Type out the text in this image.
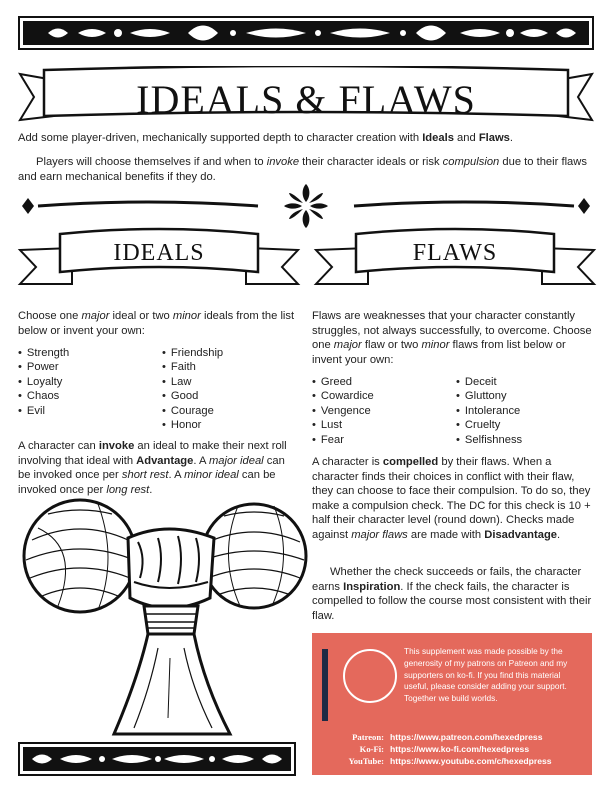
IDEALS & FLAWS

Add some player-driven, mechanically supported depth to character creation with Ideals and Flaws.

Players will choose themselves if and when to invoke their character ideals or risk compulsion due to their flaws and earn mechanical benefits if they do.

IDEALS	FLAWS

Choose one major ideal or two minor ideals from the list below or invent your own:

• Strength
• Power
• Loyalty
• Chaos
• Evil
• Friendship
• Faith
• Law
• Good
• Courage
• Honor

A character can invoke an ideal to make their next roll involving that ideal with Advantage. A major ideal can be invoked once per short rest. A minor ideal can be invoked once per long rest.

Flaws are weaknesses that your character constantly struggles, not always successfully, to overcome. Choose one major flaw or two minor flaws from list below or invent your own:

• Greed
• Cowardice
• Vengence
• Lust
• Fear
• Deceit
• Gluttony
• Intolerance
• Cruelty
• Selfishness

A character is compelled by their flaws. When a character finds their choices in conflict with their flaw, they can choose to face their compulsion. To do so, they make a compulsion check. The DC for this check is 10 + half their character level (round down). Checks made against major flaws are made with Disadvantage.

Whether the check succeeds or fails, the character earns Inspiration. If the check fails, the character is compelled to follow the course most consistent with their flaw.

This supplement was made possible by the generosity of my patrons on Patreon and my supporters on ko-fi. If you find this material useful, please consider adding your support. Together we build worlds.
Patreon: https://www.patreon.com/hexedpress
Ko-Fi: https://www.ko-fi.com/hexedpress
YouTube: https://www.youtube.com/c/hexedpress
